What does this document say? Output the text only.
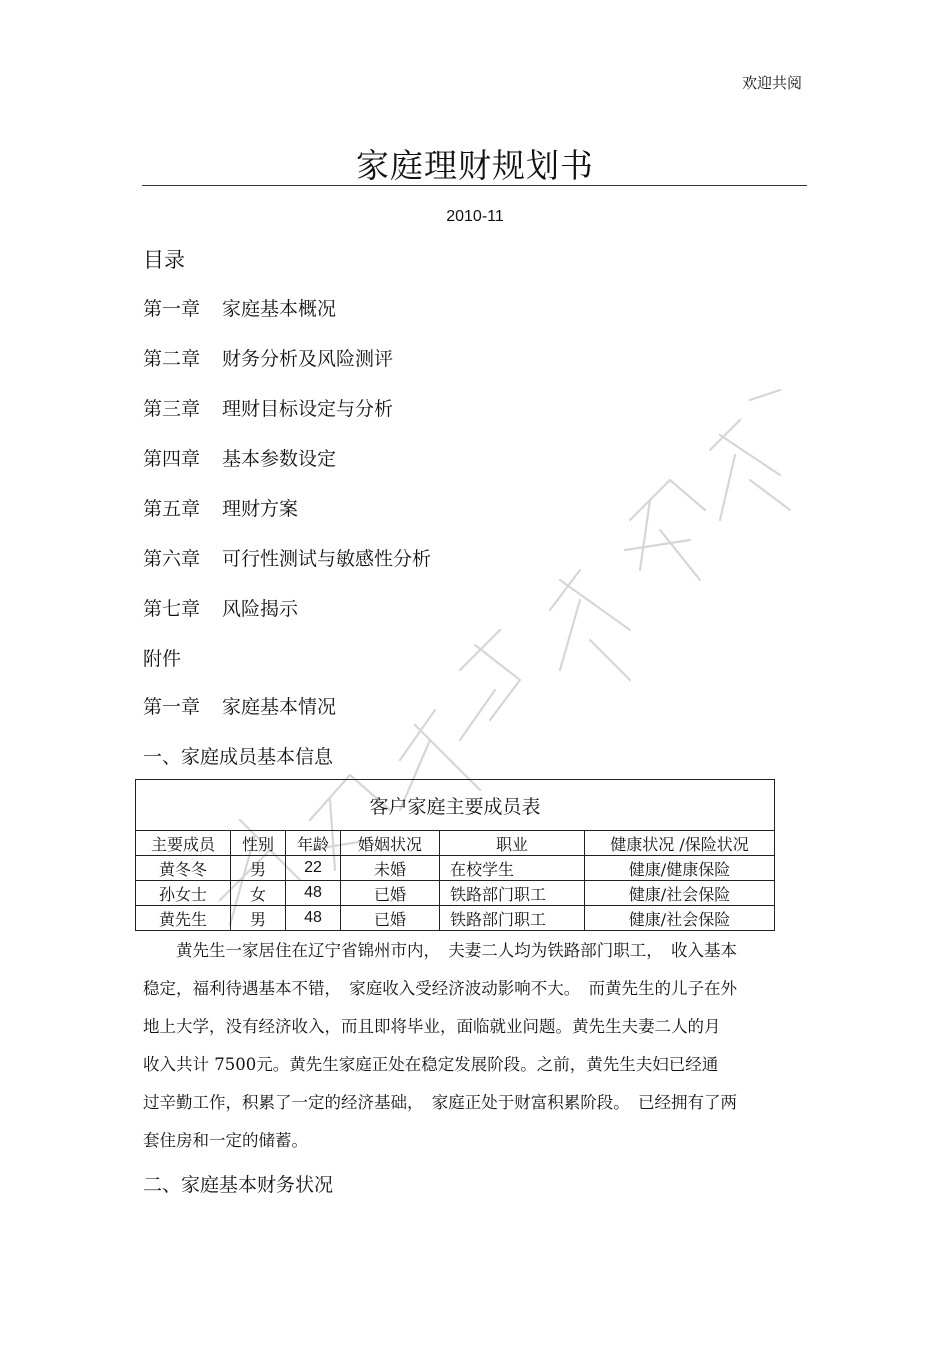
欢迎共阅
家庭理财规划书
2010-11
目录
第一章 家庭基本概况
第二章 财务分析及风险测评
第三章 理财目标设定与分析
第四章 基本参数设定
第五章 理财方案
第六章 可行性测试与敏感性分析
第七章 风险揭示
附件
第一章 家庭基本情况
一、家庭成员基本信息
客户家庭主要成员表					
主要成员	性别	年龄	婚姻状况	职业	健康状况 /保险状况
黄冬冬	男	22	未婚	在校学生	健康/健康保险
孙女士	女	48	已婚	铁路部门职工	健康/社会保险
黄先生	男	48	已婚	铁路部门职工	健康/社会保险

　　黄先生一家居住在辽宁省锦州市内，　夫妻二人均为铁路部门职工，　收入基本

稳定，福利待遇基本不错，　家庭收入受经济波动影响不大。　而黄先生的儿子在外

地上大学，没有经济收入，而且即将毕业，面临就业问题。黄先生夫妻二人的月

收入共计 7500元。黄先生家庭正处在稳定发展阶段。之前，黄先生夫妇已经通

过辛勤工作，积累了一定的经济基础，　家庭正处于财富积累阶段。　已经拥有了两

套住房和一定的储蓄。

二、家庭基本财务状况
